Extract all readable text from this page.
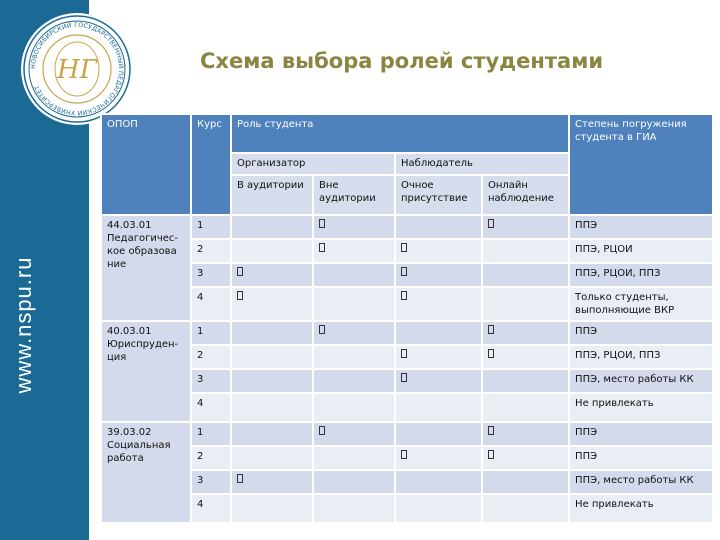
НОВОСИБИРСКИЙ ГОСУДАРСТВЕННЫЙ ПЕДАГОГИЧЕСКИЙ УНИВЕРСИТЕТ
НГ
www.nspu.ru
Схема выбора ролей студентами
ОПОП	Курс	Роль студента				Степень погружения студента в ГИА
		Организатор		Наблюдатель		
		В аудитории	Вне аудитории	Очное присутствие	Онлайн наблюдение	
44.03.01 Педагогичес-кое образова ние	1					ППЭ
	2					ППЭ, РЦОИ
	3					ППЭ, РЦОИ, ППЗ
	4					Только студенты, выполняющие ВКР
40.03.01 Юриспруден-ция	1					ППЭ
	2					ППЭ, РЦОИ, ППЗ
	3					ППЭ, место работы КК
	4					Не привлекать
39.03.02 Социальная работа	1					ППЭ
	2					ППЭ
	3					ППЭ, место работы КК
	4					Не привлекать
